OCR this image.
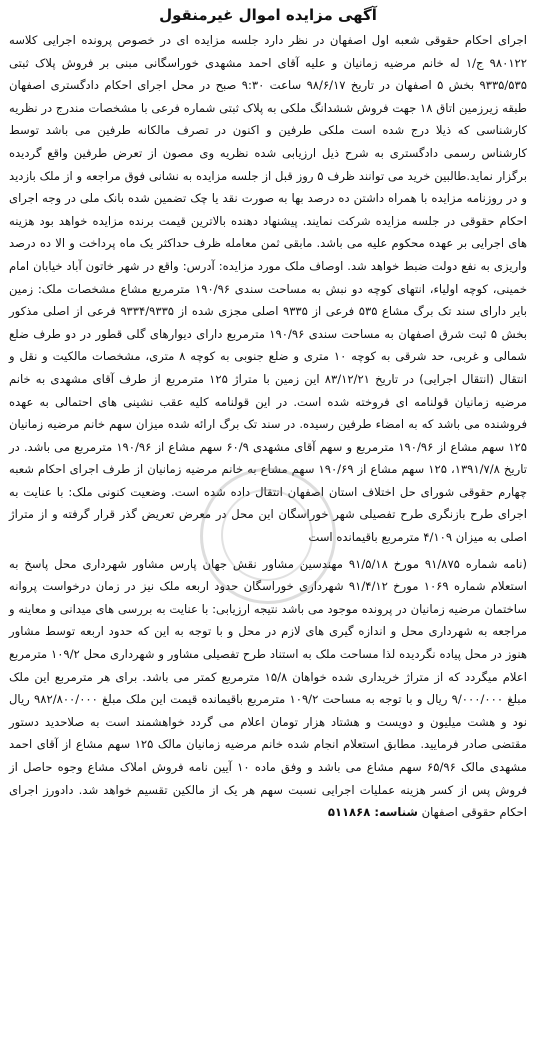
آگهی مزایده اموال غیرمنقول

اجرای احکام حقوقی شعبه اول اصفهان در نظر دارد جلسه مزایده ای در خصوص پرونده اجرایی کلاسه ۹۸۰۱۲۲ ج/۱ له خانم مرضیه زمانیان و علیه آقای احمد مشهدی خوراسگانی مبنی بر فروش پلاک ثبتی ۹۳۳۵/۵۳۵ بخش ۵ اصفهان در تاریخ ۹۸/۶/۱۷ ساعت ۹:۳۰ صبح در محل اجرای احکام دادگستری اصفهان طبقه زیرزمین اتاق ۱۸ جهت فروش ششدانگ ملکی به پلاک ثبتی شماره فرعی با مشخصات مندرج در نظریه کارشناسی که ذیلا درج شده است ملکی طرفین و اکنون در تصرف مالکانه طرفین می باشد توسط کارشناس رسمی دادگستری به شرح ذیل ارزیابی شده نظریه وی مصون از تعرض طرفین واقع گردیده برگزار نماید.طالبین خرید می توانند ظرف ۵ روز قبل از جلسه مزایده به نشانی فوق مراجعه و از ملک بازدید و در روزنامه مزایده با همراه داشتن ده درصد بها به صورت نقد یا چک تضمین شده بانک ملی در وجه اجرای احکام حقوقی در جلسه مزایده شرکت نمایند. پیشنهاد دهنده بالاترین قیمت برنده مزایده خواهد بود هزینه های اجرایی بر عهده محکوم علیه می باشد. مابقی ثمن معامله ظرف حداکثر یک ماه پرداخت و الا ده درصد واریزی به نفع دولت ضبط خواهد شد. اوصاف ملک مورد مزایده: آدرس: واقع در شهر خاتون آباد خیابان امام خمینی، کوچه اولیاء، انتهای کوچه دو نبش به مساحت سندی ۱۹۰/۹۶ مترمربع مشاع مشخصات ملک: زمین بایر دارای سند تک برگ مشاع ۵۳۵ فرعی از ۹۳۳۵ اصلی مجزی شده از ۹۳۳۴/۹۳۳۵ فرعی از اصلی مذکور بخش ۵ ثبت شرق اصفهان به مساحت سندی ۱۹۰/۹۶ مترمربع دارای دیوارهای گلی قطور در دو طرف ضلع شمالی و غربی، حد شرقی به کوچه ۱۰ متری و ضلع جنوبی به کوچه ۸ متری، مشخصات مالکیت و نقل و انتقال (انتقال اجرایی) در تاریخ ۸۳/۱۲/۲۱ این زمین با متراژ ۱۲۵ مترمربع از طرف آقای مشهدی به خانم مرضیه زمانیان قولنامه ای فروخته شده است. در این قولنامه کلیه عقب نشینی های احتمالی به عهده فروشنده می باشد که به امضاء طرفین رسیده. در سند تک برگ ارائه شده میزان سهم خانم مرضیه زمانیان ۱۲۵ سهم مشاع از ۱۹۰/۹۶ مترمربع و سهم آقای مشهدی ۶۰/۹ سهم مشاع از ۱۹۰/۹۶ مترمربع می باشد. در تاریخ ۱۳۹۱/۷/۸، ۱۲۵ سهم مشاع از ۱۹۰/۶۹ سهم مشاع به خانم مرضیه زمانیان از طرف اجرای احکام شعبه چهارم حقوقی شورای حل اختلاف استان اصفهان انتقال داده شده است. وضعیت کنونی ملک: با عنایت به اجرای طرح بازنگری طرح تفصیلی شهر خوراسگان این محل در معرض تعریض گذر قرار گرفته و از متراژ اصلی به میزان ۴/۱۰۹ مترمربع باقیمانده است

(نامه شماره ۹۱/۸۷۵ مورخ ۹۱/۵/۱۸ مهندسین مشاور نقش جهان پارس مشاور شهرداری محل پاسخ به استعلام شماره ۱۰۶۹ مورخ ۹۱/۴/۱۲ شهرداری خوراسگان حدود اربعه ملک نیز در زمان درخواست پروانه ساختمان مرضیه زمانیان در پرونده موجود می باشد نتیجه ارزیابی: با عنایت به بررسی های میدانی و معاینه و مراجعه به شهرداری محل و اندازه گیری های لازم در محل و با توجه به این که حدود اربعه توسط مشاور هنوز در محل پیاده نگردیده لذا مساحت ملک به استناد طرح تفصیلی مشاور و شهرداری محل ۱۰۹/۲ مترمربع اعلام میگردد که از متراژ خریداری شده خواهان ۱۵/۸ مترمربع کمتر می باشد. برای هر مترمربع این ملک مبلغ ۹/۰۰۰/۰۰۰ ریال و با توجه به مساحت ۱۰۹/۲ مترمربع باقیمانده قیمت این ملک مبلغ ۹۸۲/۸۰۰/۰۰۰ ریال نود و هشت میلیون و دویست و هشتاد هزار تومان اعلام می گردد خواهشمند است به صلاحدید دستور مقتضی صادر فرمایید. مطابق استعلام انجام شده خانم مرضیه زمانیان مالک ۱۲۵ سهم مشاع از آقای احمد مشهدی مالک ۶۵/۹۶ سهم مشاع می باشد و وفق ماده ۱۰ آیین نامه فروش املاک مشاع وجوه حاصل از فروش پس از کسر هزینه عملیات اجرایی نسبت سهم هر یک از مالکین تقسیم خواهد شد. دادورز اجرای احکام حقوقی اصفهان شناسه: ۵۱۱۸۶۸
